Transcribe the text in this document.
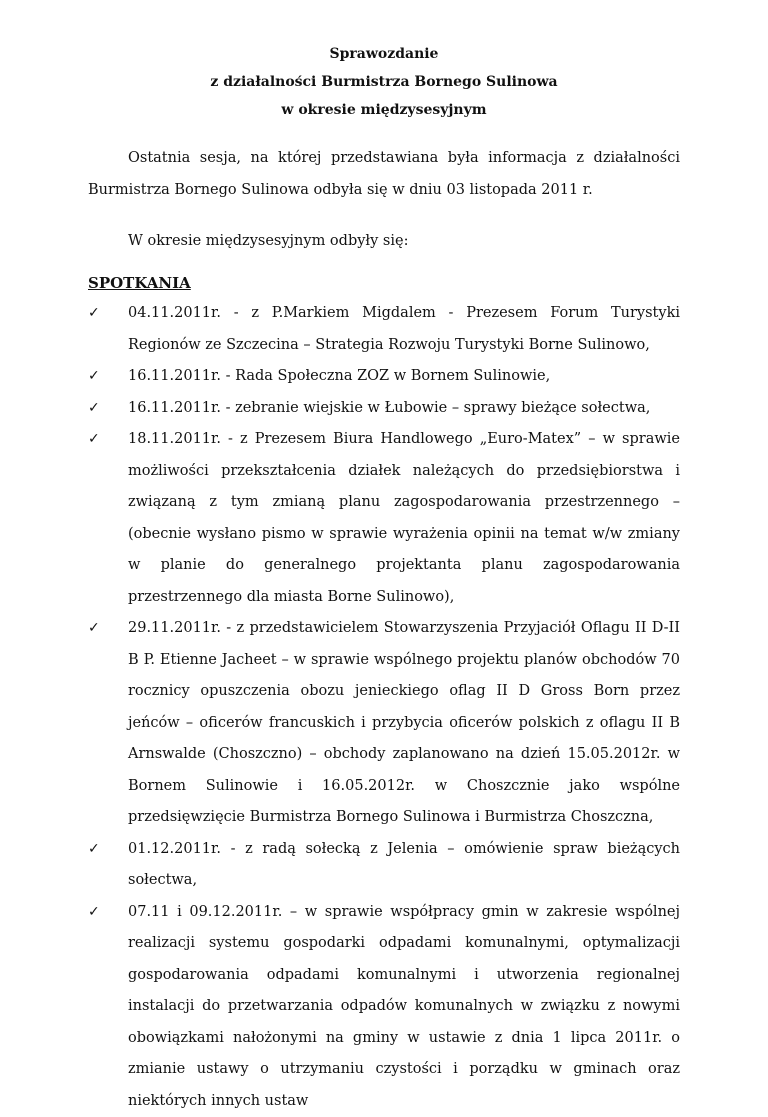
Sprawozdanie
z działalności Burmistrza Bornego Sulinowa
w okresie międzysesyjnym

Ostatnia sesja, na której przedstawiana była informacja z działalności Burmistrza Bornego Sulinowa odbyła się w dniu 03 listopada 2011 r.

W okresie międzysesyjnym odbyły się:

SPOTKANIA
✓ 04.11.2011r. - z P.Markiem Migdalem - Prezesem Forum Turystyki Regionów ze Szczecina – Strategia Rozwoju Turystyki Borne Sulinowo,
✓ 16.11.2011r. - Rada Społeczna ZOZ w Bornem Sulinowie,
✓ 16.11.2011r. - zebranie wiejskie w Łubowie – sprawy bieżące sołectwa,
✓ 18.11.2011r. - z Prezesem Biura Handlowego „Euro-Matex” – w sprawie możliwości przekształcenia działek należących do przedsiębiorstwa i związaną z tym zmianą planu zagospodarowania przestrzennego – (obecnie wysłano pismo w sprawie wyrażenia opinii na temat w/w zmiany w planie do generalnego projektanta planu zagospodarowania przestrzennego dla miasta Borne Sulinowo),
✓ 29.11.2011r. - z przedstawicielem Stowarzyszenia Przyjaciół Oflagu II D-II B P. Etienne Jacheet – w sprawie wspólnego projektu planów obchodów 70 rocznicy opuszczenia obozu jenieckiego oflag II D Gross Born przez jeńców – oficerów francuskich i przybycia oficerów polskich z oflagu II B Arnswalde (Choszczno) – obchody zaplanowano na dzień 15.05.2012r. w Bornem Sulinowie i 16.05.2012r. w Choszcznie jako wspólne przedsięwzięcie Burmistrza Bornego Sulinowa i Burmistrza Choszczna,
✓ 01.12.2011r. - z radą sołecką z Jelenia – omówienie spraw bieżących sołectwa,
✓ 07.11 i 09.12.2011r. – w sprawie współpracy gmin w zakresie wspólnej realizacji systemu gospodarki odpadami komunalnymi, optymalizacji gospodarowania odpadami komunalnymi i utworzenia regionalnej instalacji do przetwarzania odpadów komunalnych w związku z nowymi obowiązkami nałożonymi na gminy w ustawie z dnia 1 lipca 2011r. o zmianie ustawy o utrzymaniu czystości i porządku w gminach oraz niektórych innych ustaw
